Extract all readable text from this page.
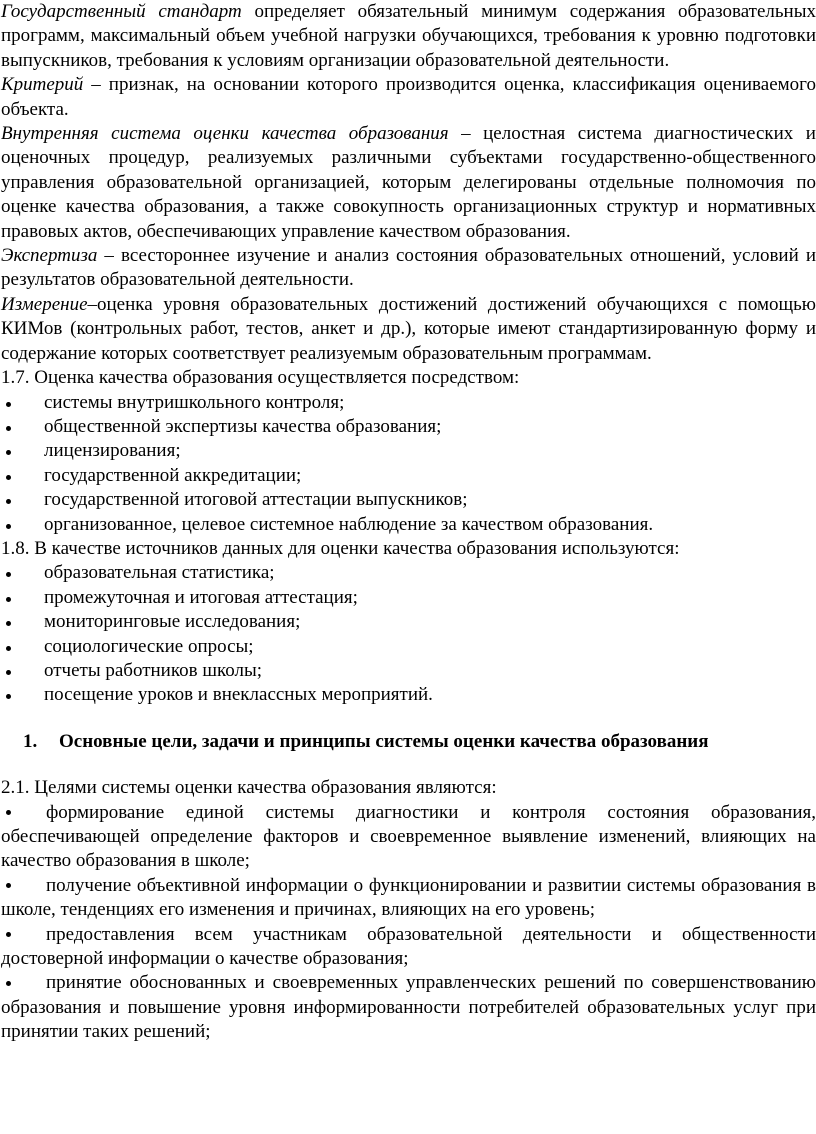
Государственный стандарт определяет обязательный минимум содержания образовательных программ, максимальный объем учебной нагрузки обучающихся, требования к уровню подготовки выпускников, требования к условиям организации образовательной деятельности.

Критерий – признак, на основании которого производится оценка, классификация оцениваемого объекта.

Внутренняя система оценки качества образования – целостная система диагностических и оценочных процедур, реализуемых различными субъектами государственно-общественного управления образовательной организацией, которым делегированы отдельные полномочия по оценке качества образования, а также совокупность организационных структур и нормативных правовых актов, обеспечивающих управление качеством образования.

Экспертиза – всестороннее изучение и анализ состояния образовательных отношений, условий и результатов образовательной деятельности.

Измерение–оценка уровня образовательных достижений достижений обучающихся с помощью КИМов (контрольных работ, тестов, анкет и др.), которые имеют стандартизированную форму и содержание которых соответствует реализуемым образовательным программам.

1.7. Оценка качества образования осуществляется посредством:

системы внутришкольного контроля;
общественной экспертизы качества образования;
лицензирования;
государственной аккредитации;
государственной итоговой аттестации выпускников;
организованное, целевое системное наблюдение за качеством образования.

1.8. В качестве источников данных для оценки качества образования используются:

образовательная статистика;
промежуточная и итоговая аттестация;
мониторинговые исследования;
социологические опросы;
отчеты работников школы;
посещение уроков и внеклассных мероприятий.

1. Основные цели, задачи и принципы системы оценки качества образования

2.1. Целями системы оценки качества образования являются:

формирование единой системы диагностики и контроля состояния образования, обеспечивающей определение факторов и своевременное выявление изменений, влияющих на качество образования в школе;

получение объективной информации о функционировании и развитии системы образования в школе, тенденциях его изменения и причинах, влияющих на его уровень;

предоставления всем участникам образовательной деятельности и общественности достоверной информации о качестве образования;

принятие обоснованных и своевременных управленческих решений по совершенствованию образования и повышение уровня информированности потребителей образовательных услуг при принятии таких решений;
